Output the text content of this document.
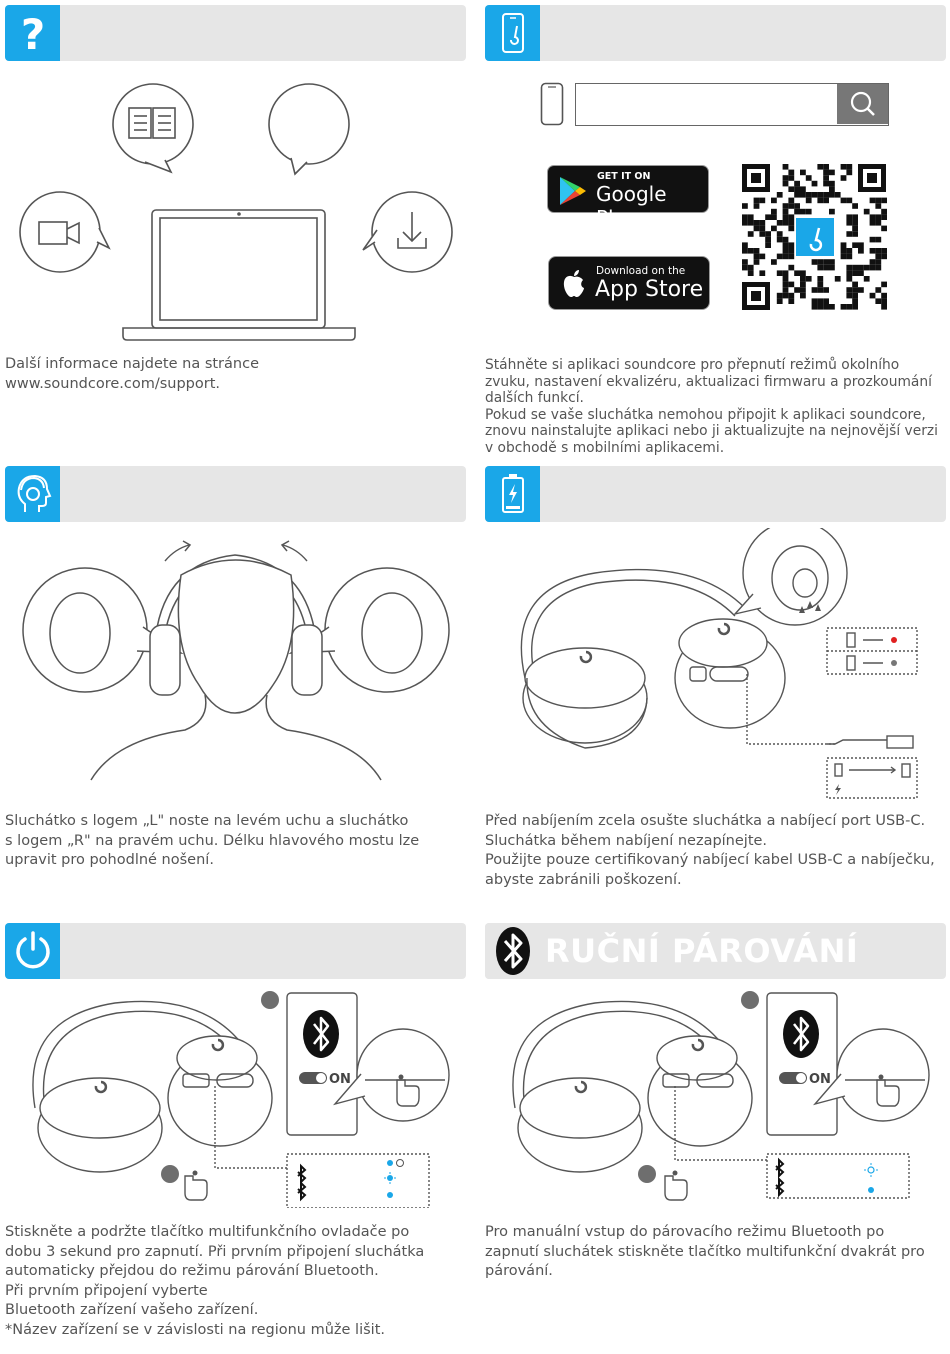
?
Další informace najdete na stránce www.soundcore.com/support.
GET IT ON
Google Play
Download on the
App Store

Stáhněte si aplikaci soundcore pro přepnutí režimů okolního

zvuku, nastavení ekvalizéru, aktualizaci firmwaru a prozkoumání

dalších funkcí.

Pokud se vaše sluchátka nemohou připojit k aplikaci soundcore,

znovu nainstalujte aplikaci nebo ji aktualizujte na nejnovější verzi

v obchodě s mobilními aplikacemi.

Sluchátko s logem „L" noste na levém uchu a sluchátko

s logem „R" na pravém uchu. Délku hlavového mostu lze

upravit pro pohodlné nošení.

Před nabíjením zcela osušte sluchátka a nabíjecí port USB-C.

Sluchátka během nabíjení nezapínejte.

Použijte pouze certifikovaný nabíjecí kabel USB-C a nabíječku,

abyste zabránili poškození.

ON

Stiskněte a podržte tlačítko multifunkčního ovladače po

dobu 3 sekund pro zapnutí. Při prvním připojení sluchátka

automaticky přejdou do režimu párování Bluetooth.

Při prvním připojení vyberte

Bluetooth zařízení vašeho zařízení.

*Název zařízení se v závislosti na regionu může lišit.

RUČNÍ PÁROVÁNÍ
ON

Pro manuální vstup do párovacího režimu Bluetooth po

zapnutí sluchátek stiskněte tlačítko multifunkční dvakrát pro

párování.
